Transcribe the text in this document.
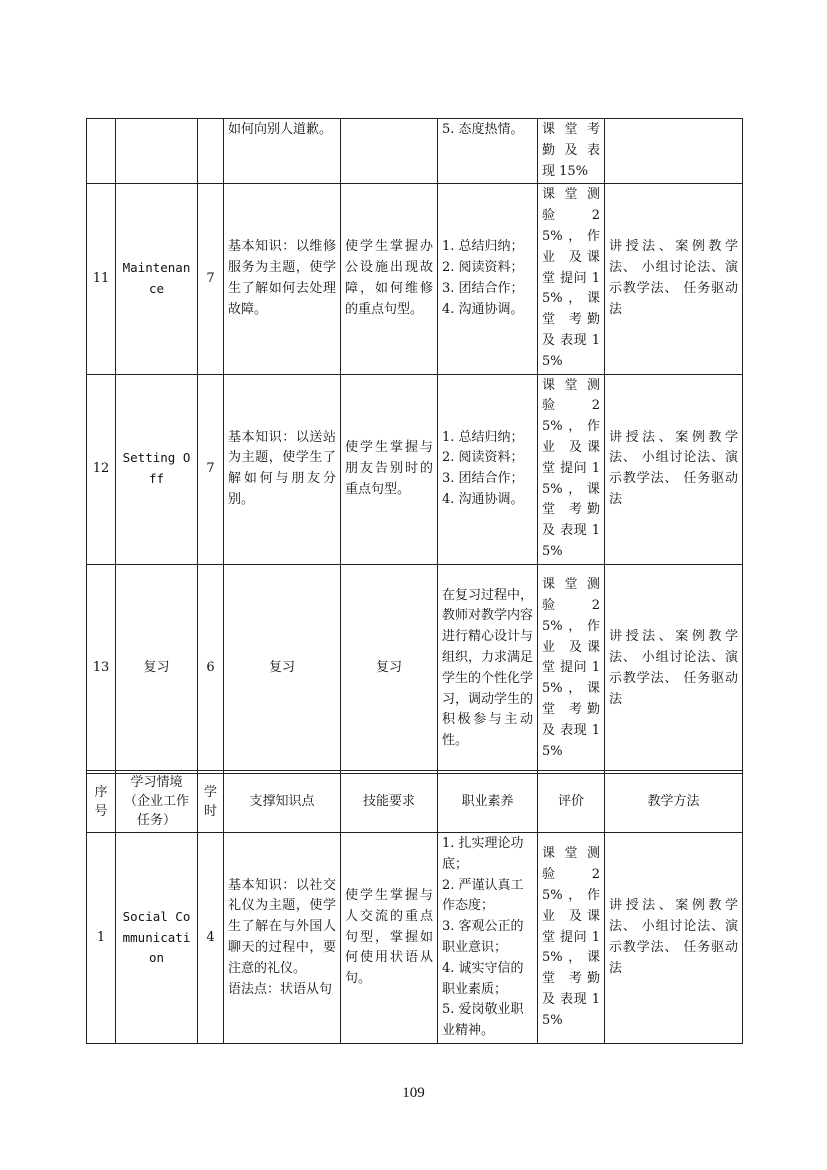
			如何向别人道歉。		5. 态度热情。	课 堂 考勤 及 表现 15%	
11	Maintenance	7	基本知识：以维修服务为主题，使学生了解如何去处理故障。	使学生掌握办公设施出现故障，如何维修的重点句型。	1. 总结归纳；
2. 阅读资料；
3. 团结合作；
4. 沟通协调。	课 堂 测验 25%，作 业 及课 堂 提问 15%，课 堂 考勤 及 表现 15%	讲授法、案例教学法、 小组讨论法、演示教学法、 任务驱动法
12	Setting Off	7	基本知识：以送站为主题，使学生了解如何与朋友分别。	使学生掌握与朋友告别时的重点句型。	1. 总结归纳；
2. 阅读资料；
3. 团结合作；
4. 沟通协调。	课 堂 测验 25%，作 业 及课 堂 提问 15%，课 堂 考勤 及 表现 15%	讲授法、案例教学法、 小组讨论法、演示教学法、 任务驱动法
13	复习	6	复习	复习	在复习过程中，教师对教学内容进行精心设计与组织，力求满足学生的个性化学习，调动学生的积极参与主动性。	课 堂 测验 25%，作 业 及课 堂 提问 15%，课 堂 考勤 及 表现 15%	讲授法、案例教学法、 小组讨论法、演示教学法、 任务驱动法
序号	学习情境（企业工作任务）	学时	支撑知识点	技能要求	职业素养	评价	教学方法
1	Social Communication	4	基本知识：以社交礼仪为主题，使学生了解在与外国人聊天的过程中，要注意的礼仪。
语法点：状语从句	使学生掌握与人交流的重点句型，掌握如何使用状语从句。	1. 扎实理论功底；
2. 严谨认真工作态度；
3. 客观公正的职业意识；
4. 诚实守信的职业素质；
5. 爱岗敬业职业精神。	课 堂 测验 25%，作 业 及课 堂 提问 15%，课 堂 考勤 及 表现 15%	讲授法、案例教学法、 小组讨论法、演示教学法、 任务驱动法
109
